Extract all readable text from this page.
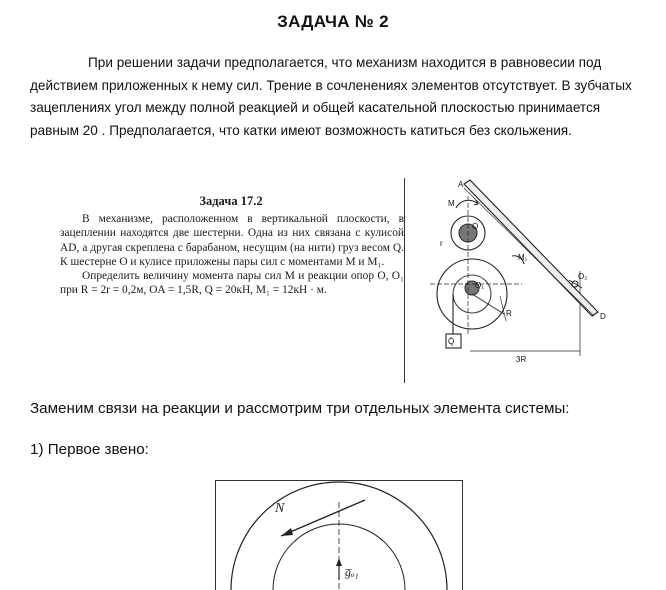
ЗАДАЧА № 2

При решении задачи предполагается, что механизм находится в равновесии под действием приложенных к нему сил. Трение в сочленениях элементов отсутствует. В зубчатых зацеплениях угол между полной реакцией и общей касательной плоскостью принимается равным 20 . Предполагается, что катки имеют возможность катиться без скольжения.

Задача 17.2

В механизме, расположенном в вертикальной плоскости, в зацеплении находятся две шестерни. Одна из них связана с кулисой AD, а другая скреплена с барабаном, несущим (на нити) груз весом Q. К шестерне O и кулисе приложены пары сил с моментами M и M₁.

Определить величину момента пары сил M и реакции опор O, O₁ при R = 2r = 0,2м, OA = 1,5R, Q = 20кН, M₁ = 12кН · м.

A
M
O
r
M₁
O₁
O₂
R	D
Q̄
3R

Заменим связи на реакции и рассмотрим три отдельных элемента системы:

1) Первое звено:

N
g̅ₒ₁
